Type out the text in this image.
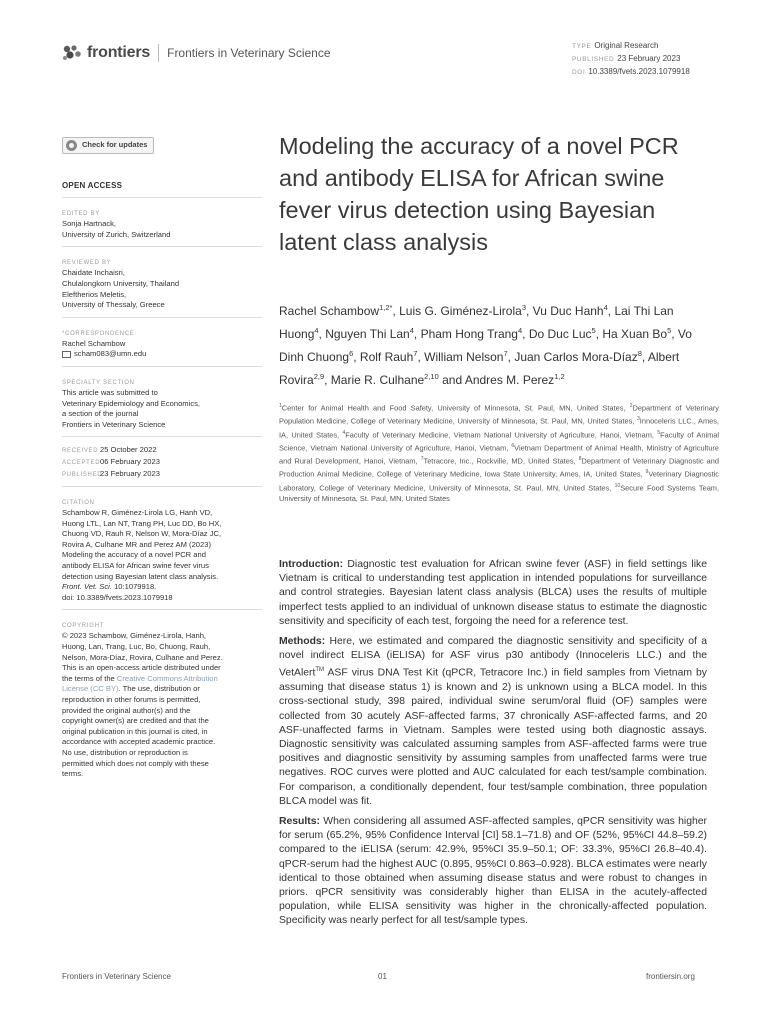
frontiers Frontiers in Veterinary Science	TYPE Original Research
PUBLISHED 23 February 2023
DOI 10.3389/fvets.2023.1079918
Check for updates
OPEN ACCESS
EDITED BY

Sonja Hartnack,

University of Zurich, Switzerland

REVIEWED BY

Chaidate Inchaisri,

Chulalongkorn University, Thailand

Eleftherios Meletis,

University of Thessaly, Greece

*CORRESPONDENCE

Rachel Schambow

scham083@umn.edu

SPECIALTY SECTION

This article was submitted to

Veterinary Epidemiology and Economics,

a section of the journal

Frontiers in Veterinary Science

RECEIVED 25 October 2022

ACCEPTED06 February 2023

PUBLISHED23 February 2023

CITATION

Schambow R, Giménez-Lirola LG, Hanh VD,

Huong LTL, Lan NT, Trang PH, Luc DD, Bo HX,

Chuong VD, Rauh R, Nelson W, Mora-Díaz JC,

Rovira A, Culhane MR and Perez AM (2023)

Modeling the accuracy of a novel PCR and

antibody ELISA for African swine fever virus

detection using Bayesian latent class analysis.

Front. Vet. Sci. 10:1079918.

doi: 10.3389/fvets.2023.1079918

COPYRIGHT

© 2023 Schambow, Giménez-Lirola, Hanh,

Huong, Lan, Trang, Luc, Bo, Chuong, Rauh,

Nelson, Mora-Díaz, Rovira, Culhane and Perez.

This is an open-access article distributed under

the terms of the Creative Commons Attribution

License (CC BY). The use, distribution or

reproduction in other forums is permitted,

provided the original author(s) and the

copyright owner(s) are credited and that the

original publication in this journal is cited, in

accordance with accepted academic practice.

No use, distribution or reproduction is

permitted which does not comply with these

terms.

Modeling the accuracy of a novel PCR and antibody ELISA for African swine fever virus detection using Bayesian latent class analysis
Rachel Schambow$^{1,2*}$, Luis G. Giménez-Lirola$^3$, Vu Duc Hanh$^4$, Lai Thi Lan Huong$^4$, Nguyen Thi Lan$^4$, Pham Hong Trang$^4$, Do Duc Luc$^5$, Ha Xuan Bo$^5$, Vo Dinh Chuong$^6$, Rolf Rauh$^7$, William Nelson$^7$, Juan Carlos Mora-Díaz$^8$, Albert Rovira$^{2,9}$, Marie R. Culhane$^{2,10}$ and Andres M. Perez$^{1,2}$
$^1$Center for Animal Health and Food Safety, University of Minnesota, St. Paul, MN, United States, $^2$Department of Veterinary Population Medicine, College of Veterinary Medicine, University of Minnesota, St. Paul, MN, United States, $^3$Innoceleris LLC., Ames, IA, United States, $^4$Faculty of Veterinary Medicine, Vietnam National University of Agriculture, Hanoi, Vietnam, $^5$Faculty of Animal Science, Vietnam National University of Agriculture, Hanoi, Vietnam, $^6$Vietnam Department of Animal Health, Ministry of Agriculture and Rural Development, Hanoi, Vietnam, $^7$Tetracore, Inc., Rockville, MD, United States, $^8$Department of Veterinary Diagnostic and Production Animal Medicine, College of Veterinary Medicine, Iowa State University, Ames, IA, United States, $^9$Veterinary Diagnostic Laboratory, College of Veterinary Medicine, University of Minnesota, St. Paul, MN, United States, $^{10}$Secure Food Systems Team, University of Minnesota, St. Paul, MN, United States

Introduction: Diagnostic test evaluation for African swine fever (ASF) in field settings like Vietnam is critical to understanding test application in intended populations for surveillance and control strategies. Bayesian latent class analysis (BLCA) uses the results of multiple imperfect tests applied to an individual of unknown disease status to estimate the diagnostic sensitivity and specificity of each test, forgoing the need for a reference test.

Methods: Here, we estimated and compared the diagnostic sensitivity and specificity of a novel indirect ELISA (iELISA) for ASF virus p30 antibody (Innoceleris LLC.) and the VetAlert™ ASF virus DNA Test Kit (qPCR, Tetracore Inc.) in field samples from Vietnam by assuming that disease status 1) is known and 2) is unknown using a BLCA model. In this cross-sectional study, 398 paired, individual swine serum/oral fluid (OF) samples were collected from 30 acutely ASF-affected farms, 37 chronically ASF-affected farms, and 20 ASF-unaffected farms in Vietnam. Samples were tested using both diagnostic assays. Diagnostic sensitivity was calculated assuming samples from ASF-affected farms were true positives and diagnostic sensitivity by assuming samples from unaffected farms were true negatives. ROC curves were plotted and AUC calculated for each test/sample combination. For comparison, a conditionally dependent, four test/sample combination, three population BLCA model was fit.

Results: When considering all assumed ASF-affected samples, qPCR sensitivity was higher for serum (65.2%, 95% Confidence Interval [CI] 58.1–71.8) and OF (52%, 95%CI 44.8–59.2) compared to the iELISA (serum: 42.9%, 95%CI 35.9–50.1; OF: 33.3%, 95%CI 26.8–40.4). qPCR-serum had the highest AUC (0.895, 95%CI 0.863–0.928). BLCA estimates were nearly identical to those obtained when assuming disease status and were robust to changes in priors. qPCR sensitivity was considerably higher than ELISA in the acutely-affected population, while ELISA sensitivity was higher in the chronically-affected population. Specificity was nearly perfect for all test/sample types.

Frontiers in Veterinary Science	01	frontiersin.org
